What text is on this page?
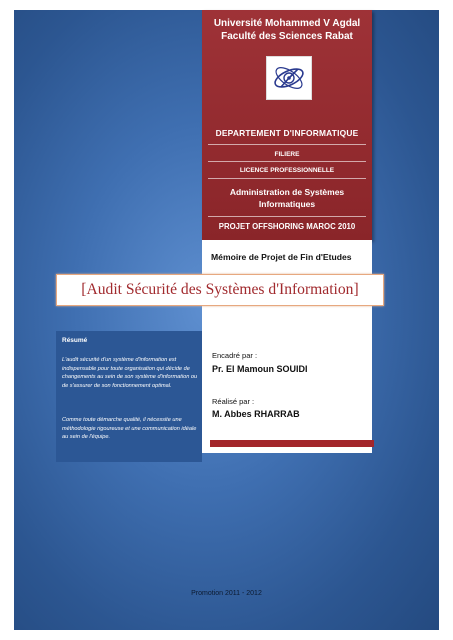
Université Mohammed V Agdal
Faculté des Sciences Rabat
DEPARTEMENT D'INFORMATIQUE
FILIERE
LICENCE PROFESSIONNELLE
Administration de Systèmes Informatiques
PROJET OFFSHORING MAROC 2010
Mémoire de Projet de Fin d'Etudes
[Audit Sécurité des Systèmes d'Information]
Résumé
L'audit sécurité d'un système d'information est indispensable pour toute organisation qui décide de changements au sein de son système d'information ou de s'assurer de son fonctionnement optimal.
Comme toute démarche qualité, il nécessite une méthodologie rigoureuse et une communication idéale au sein de l'équipe.
Encadré par :
Pr. El Mamoun SOUIDI
Réalisé par :
M. Abbes RHARRAB
Promotion 2011 - 2012
